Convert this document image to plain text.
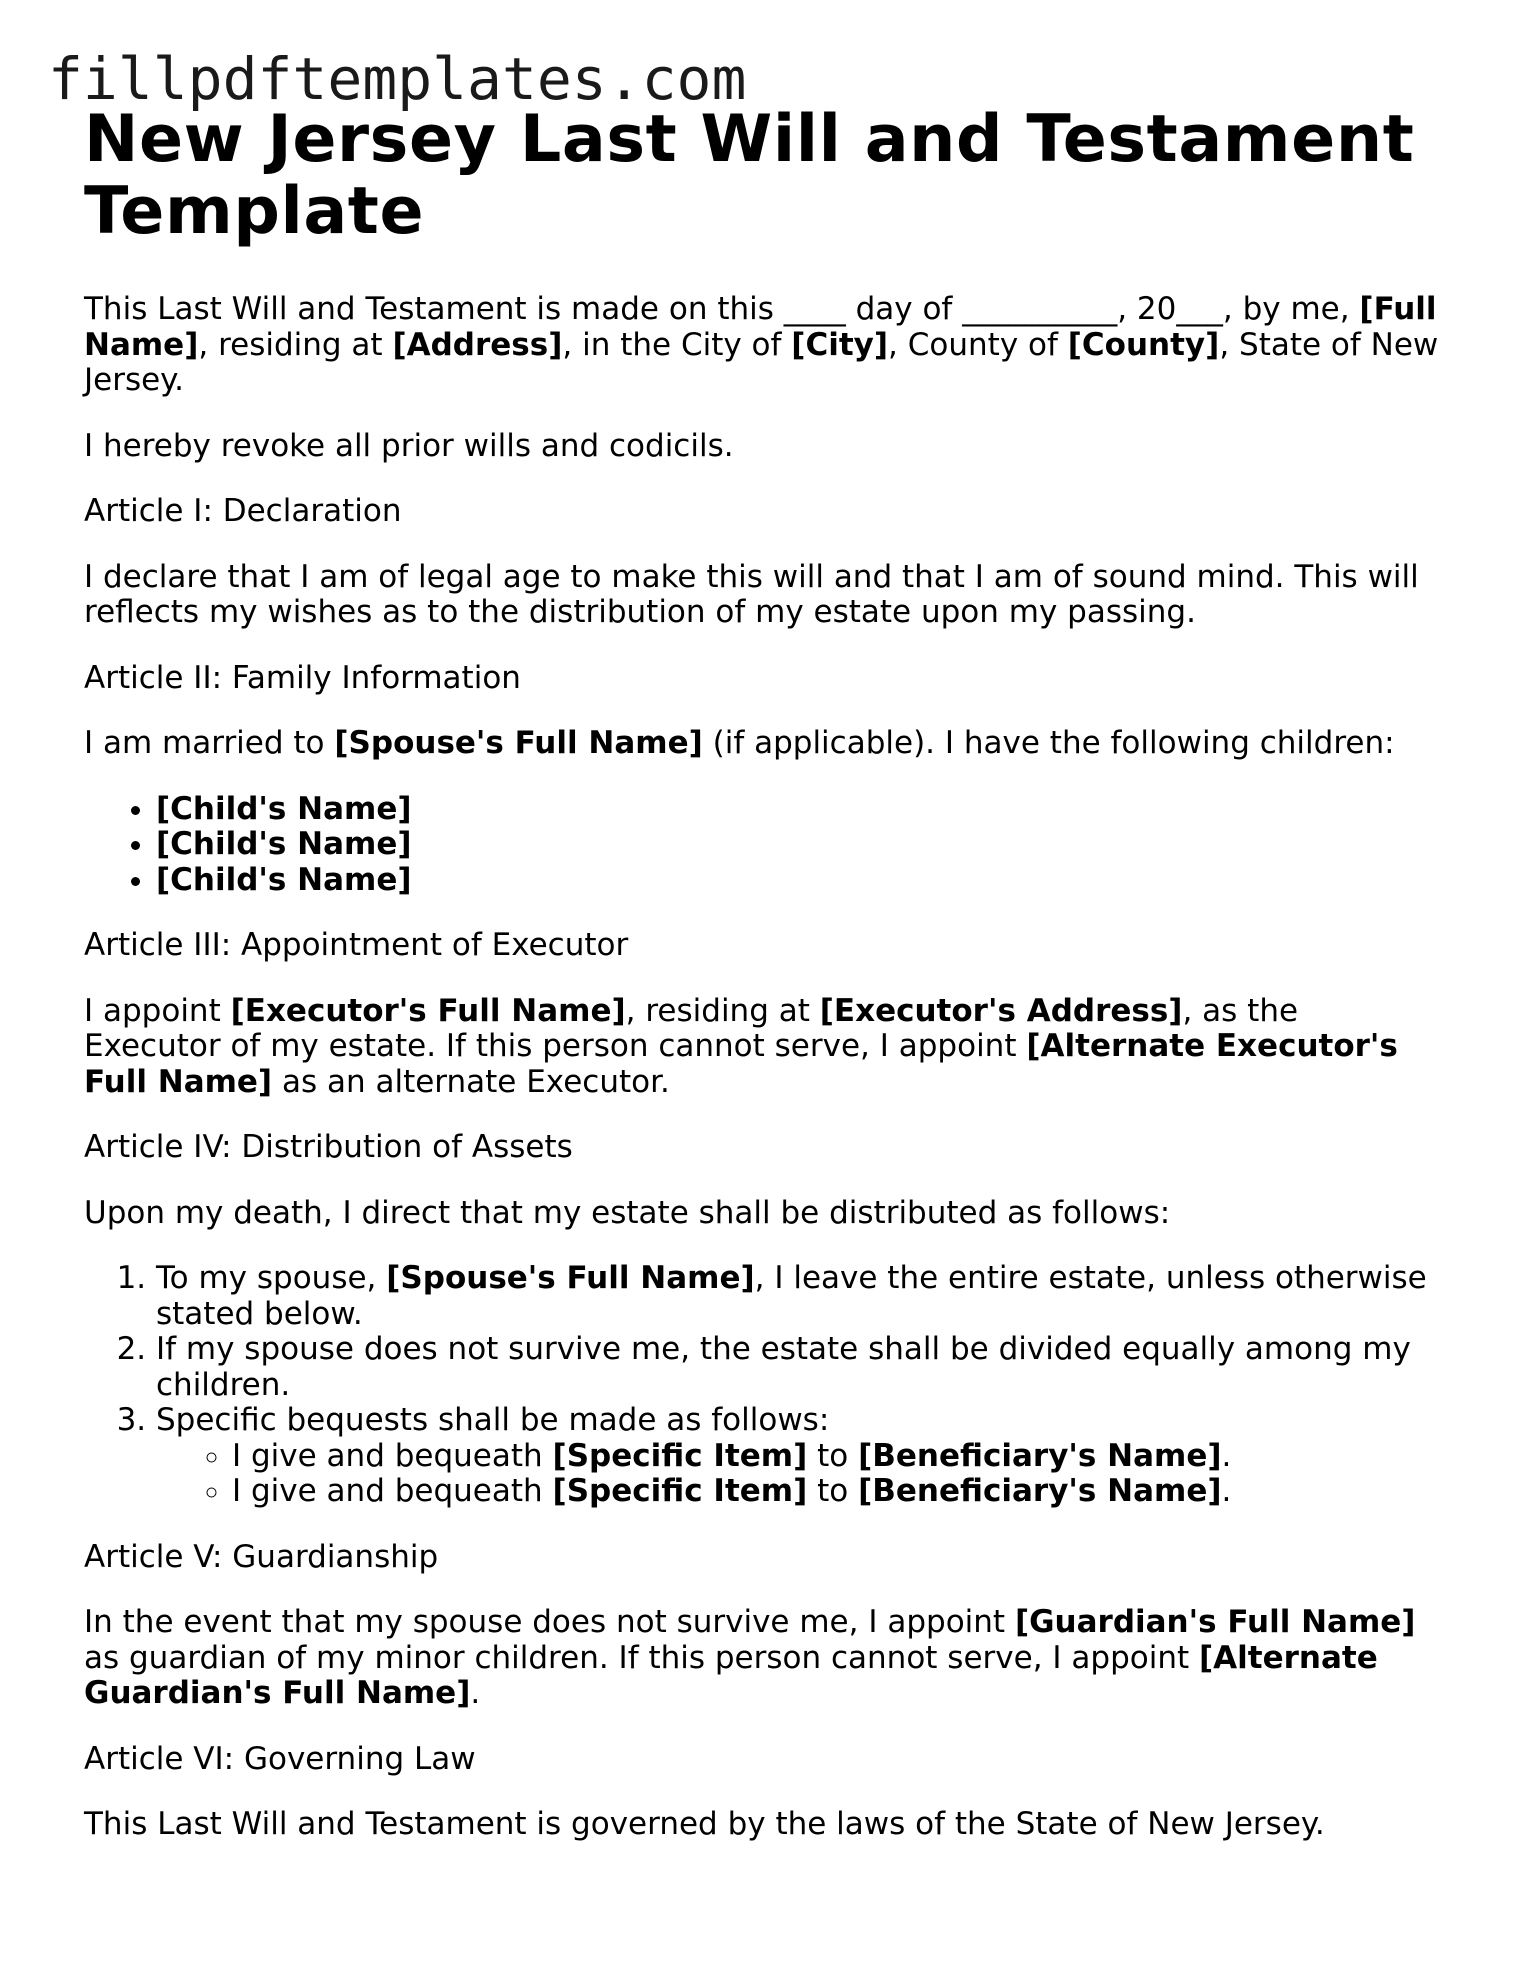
fillpdftemplates.com
New Jersey Last Will and Testament Template

This Last Will and Testament is made on this ____ day of __________, 20___, by me, [Full Name], residing at [Address], in the City of [City], County of [County], State of New Jersey.

I hereby revoke all prior wills and codicils.

Article I: Declaration

I declare that I am of legal age to make this will and that I am of sound mind. This will reflects my wishes as to the distribution of my estate upon my passing.

Article II: Family Information

I am married to [Spouse's Full Name] (if applicable). I have the following children:

• [Child's Name]
• [Child's Name]
• [Child's Name]

Article III: Appointment of Executor

I appoint [Executor's Full Name], residing at [Executor's Address], as the Executor of my estate. If this person cannot serve, I appoint [Alternate Executor's Full Name] as an alternate Executor.

Article IV: Distribution of Assets

Upon my death, I direct that my estate shall be distributed as follows:

1. To my spouse, [Spouse's Full Name], I leave the entire estate, unless otherwise stated below.
2. If my spouse does not survive me, the estate shall be divided equally among my children.
3. Specific bequests shall be made as follows:
◦ I give and bequeath [Specific Item] to [Beneficiary's Name].
◦ I give and bequeath [Specific Item] to [Beneficiary's Name].

Article V: Guardianship

In the event that my spouse does not survive me, I appoint [Guardian's Full Name] as guardian of my minor children. If this person cannot serve, I appoint [Alternate Guardian's Full Name].

Article VI: Governing Law

This Last Will and Testament is governed by the laws of the State of New Jersey.
